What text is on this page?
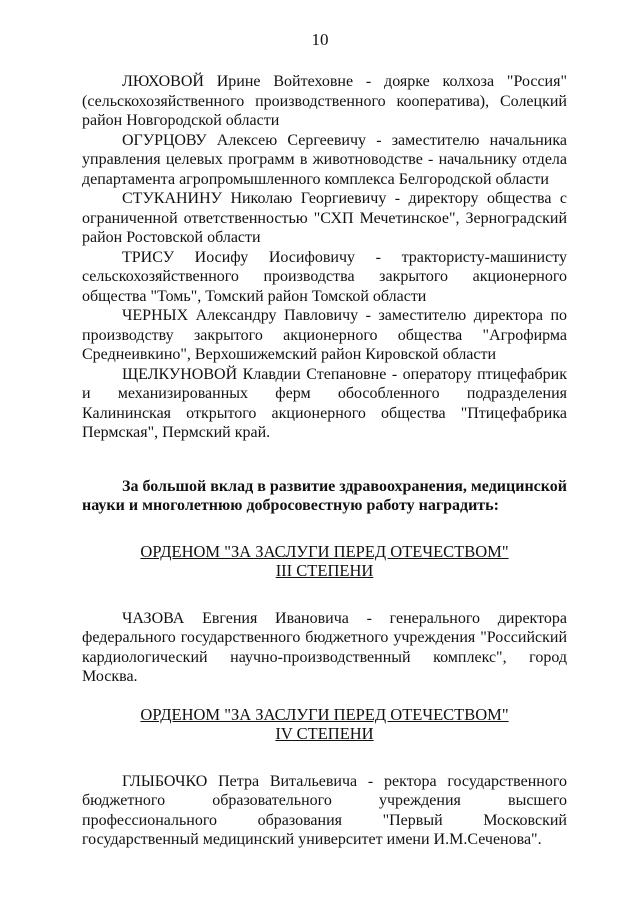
10

ЛЮХОВОЙ Ирине Войтеховне - доярке колхоза "Россия" (сельскохозяйственного производственного кооператива), Солецкий район Новгородской области

ОГУРЦОВУ Алексею Сергеевичу - заместителю начальника управления целевых программ в животноводстве - начальнику отдела департамента агропромышленного комплекса Белгородской области

СТУКАНИНУ Николаю Георгиевичу - директору общества с ограниченной ответственностью "СХП Мечетинское", Зерноградский район Ростовской области

ТРИСУ Иосифу Иосифовичу - трактористу-машинисту сельскохозяйственного производства закрытого акционерного общества "Томь", Томский район Томской области

ЧЕРНЫХ Александру Павловичу - заместителю директора по производству закрытого акционерного общества "Агрофирма Среднеивкино", Верхошижемский район Кировской области

ЩЕЛКУНОВОЙ Клавдии Степановне - оператору птицефабрик и механизированных ферм обособленного подразделения Калининская открытого акционерного общества "Птицефабрика Пермская", Пермский край.

За большой вклад в развитие здравоохранения, медицинской науки и многолетнюю добросовестную работу наградить:
ОРДЕНОМ "ЗА ЗАСЛУГИ ПЕРЕД ОТЕЧЕСТВОМ"
III СТЕПЕНИ

ЧАЗОВА Евгения Ивановича - генерального директора федерального государственного бюджетного учреждения "Российский кардиологический научно-производственный комплекс", город Москва.

ОРДЕНОМ "ЗА ЗАСЛУГИ ПЕРЕД ОТЕЧЕСТВОМ"
IV СТЕПЕНИ

ГЛЫБОЧКО Петра Витальевича - ректора государственного бюджетного образовательного учреждения высшего профессионального образования "Первый Московский государственный медицинский университет имени И.М.Сеченова".
